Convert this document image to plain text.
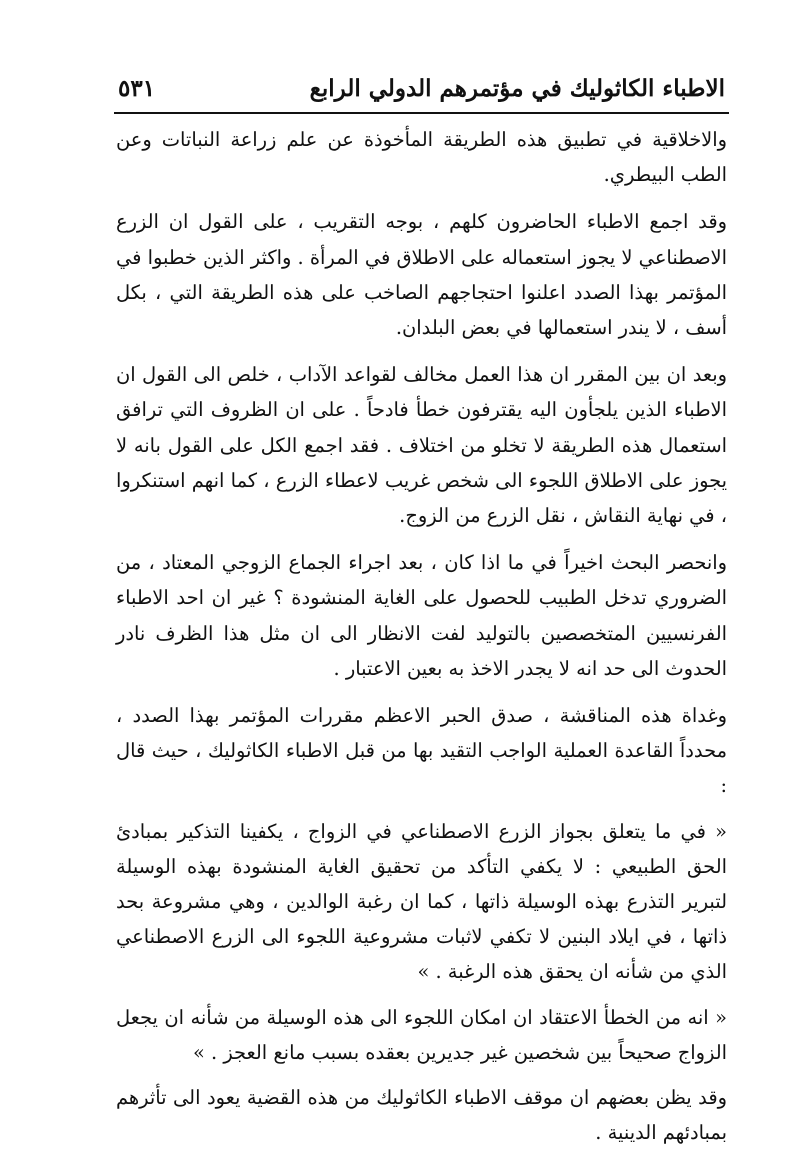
الاطباء الكاثوليك في مؤتمرهم الدولي الرابع
٥٣١

والاخلاقية في تطبيق هذه الطريقة المأخوذة عن علم زراعة النباتات وعن الطب البيطري.

وقد اجمع الاطباء الحاضرون كلهم ، بوجه التقريب ، على القول ان الزرع الاصطناعي لا يجوز استعماله على الاطلاق في المرأة . واكثر الذين خطبوا في المؤتمر بهذا الصدد اعلنوا احتجاجهم الصاخب على هذه الطريقة التي ، بكل أسف ، لا يندر استعمالها في بعض البلدان.

وبعد ان بين المقرر ان هذا العمل مخالف لقواعد الآداب ، خلص الى القول ان الاطباء الذين يلجأون اليه يقترفون خطأ فادحاً . على ان الظروف التي ترافق استعمال هذه الطريقة لا تخلو من اختلاف . فقد اجمع الكل على القول بانه لا يجوز على الاطلاق اللجوء الى شخص غريب لاعطاء الزرع ، كما انهم استنكروا ، في نهاية النقاش ، نقل الزرع من الزوج.

وانحصر البحث اخيراً في ما اذا كان ، بعد اجراء الجماع الزوجي المعتاد ، من الضروري تدخل الطبيب للحصول على الغاية المنشودة ؟ غير ان احد الاطباء الفرنسيين المتخصصين بالتوليد لفت الانظار الى ان مثل هذا الظرف نادر الحدوث الى حد انه لا يجدر الاخذ به بعين الاعتبار .

وغداة هذه المناقشة ، صدق الحبر الاعظم مقررات المؤتمر بهذا الصدد ، محدداً القاعدة العملية الواجب التقيد بها من قبل الاطباء الكاثوليك ، حيث قال :

« في ما يتعلق بجواز الزرع الاصطناعي في الزواج ، يكفينا التذكير بمبادئ الحق الطبيعي : لا يكفي التأكد من تحقيق الغاية المنشودة بهذه الوسيلة لتبرير التذرع بهذه الوسيلة ذاتها ، كما ان رغبة الوالدين ، وهي مشروعة بحد ذاتها ، في ايلاد البنين لا تكفي لاثبات مشروعية اللجوء الى الزرع الاصطناعي الذي من شأنه ان يحقق هذه الرغبة . »

« انه من الخطأ الاعتقاد ان امكان اللجوء الى هذه الوسيلة من شأنه ان يجعل الزواج صحيحاً بين شخصين غير جديرين بعقده بسبب مانع العجز . »

وقد يظن بعضهم ان موقف الاطباء الكاثوليك من هذه القضية يعود الى تأثرهم بمبادئهم الدينية .
